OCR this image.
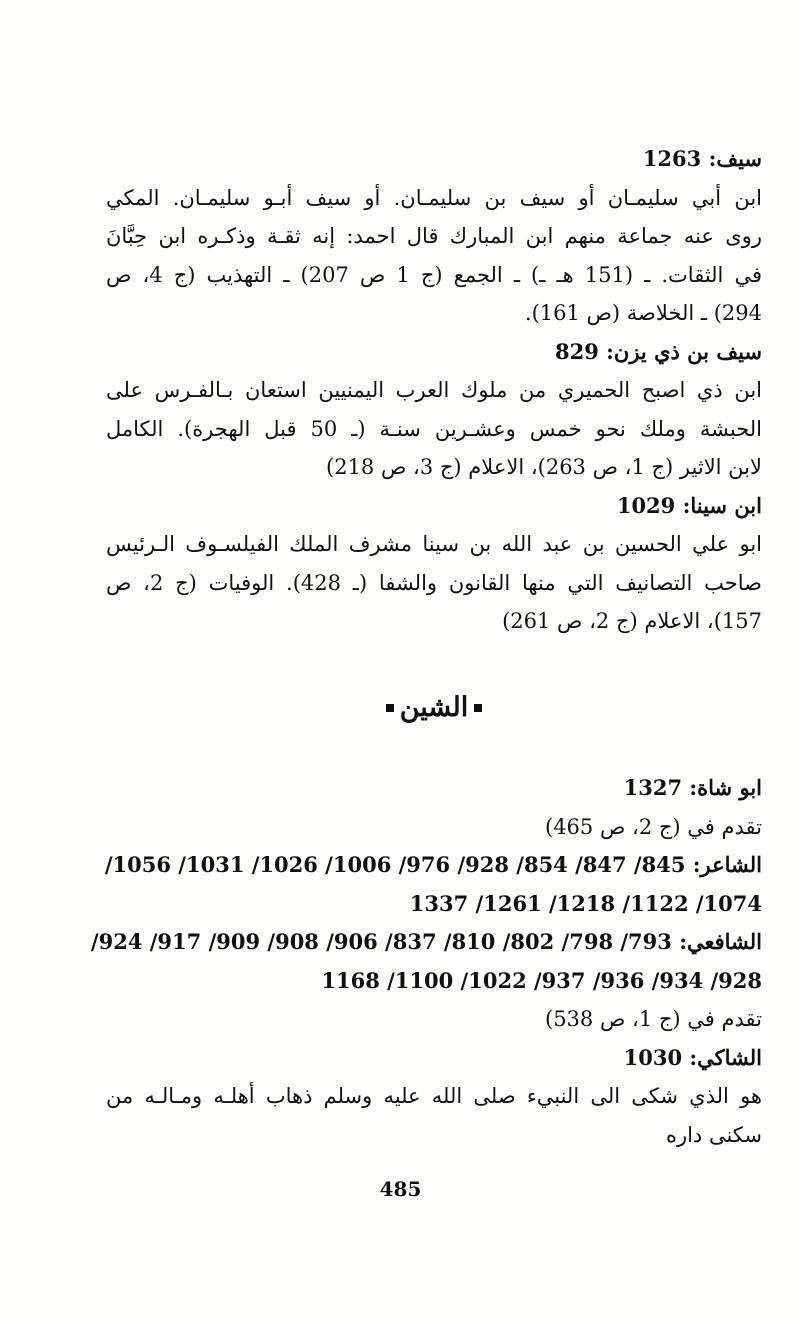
سيف: 1263
ابن أبي سليمـان أو سيف بن سليمـان. أو سيف أبـو سليمـان. المكي
روى عنه جماعة منهم ابن المبارك قال احمد: إنه ثقـة وذكـره ابن حِبَّانَ
في الثقات. ـ (151 هـ ـ) ـ الجمع (ج 1 ص 207) ـ التهذيب (ج 4، ص
294) ـ الخلاصة (ص 161).
سيف بن ذي يزن: 829
ابن ذي اصبح الحميري من ملوك العرب اليمنيين استعان بـالفـرس على
الحبشة وملك نحو خمس وعشـرين سنـة (ـ 50 قبل الهجرة). الكامل
لابن الاثير (ج 1، ص 263)، الاعلام (ج 3، ص 218)
ابن سينا: 1029
ابو علي الحسين بن عبد الله بن سينا مشرف الملك الفيلسـوف الـرئيس
صاحب التصانيف التي منها القانون والشفا (ـ 428). الوفيات (ج 2، ص
157)، الاعلام (ج 2، ص 261)
الشين
ابو شاة: 1327
تقدم في (ج 2، ص 465)
الشاعر: 845/ 847/ 854/ 928/ 976/ 1006/ 1026/ 1031/ 1056/
1074/ 1122/ 1218/ 1261/ 1337
الشافعي: 793/ 798/ 802/ 810/ 837/ 906/ 908/ 909/ 917/ 924/
928/ 934/ 936/ 937/ 1022/ 1100/ 1168
تقدم في (ج 1، ص 538)
الشاكي: 1030
هو الذي شكى الى النبيء صلى الله عليه وسلم ذهاب أهلـه ومـالـه من
سكنى داره
485
